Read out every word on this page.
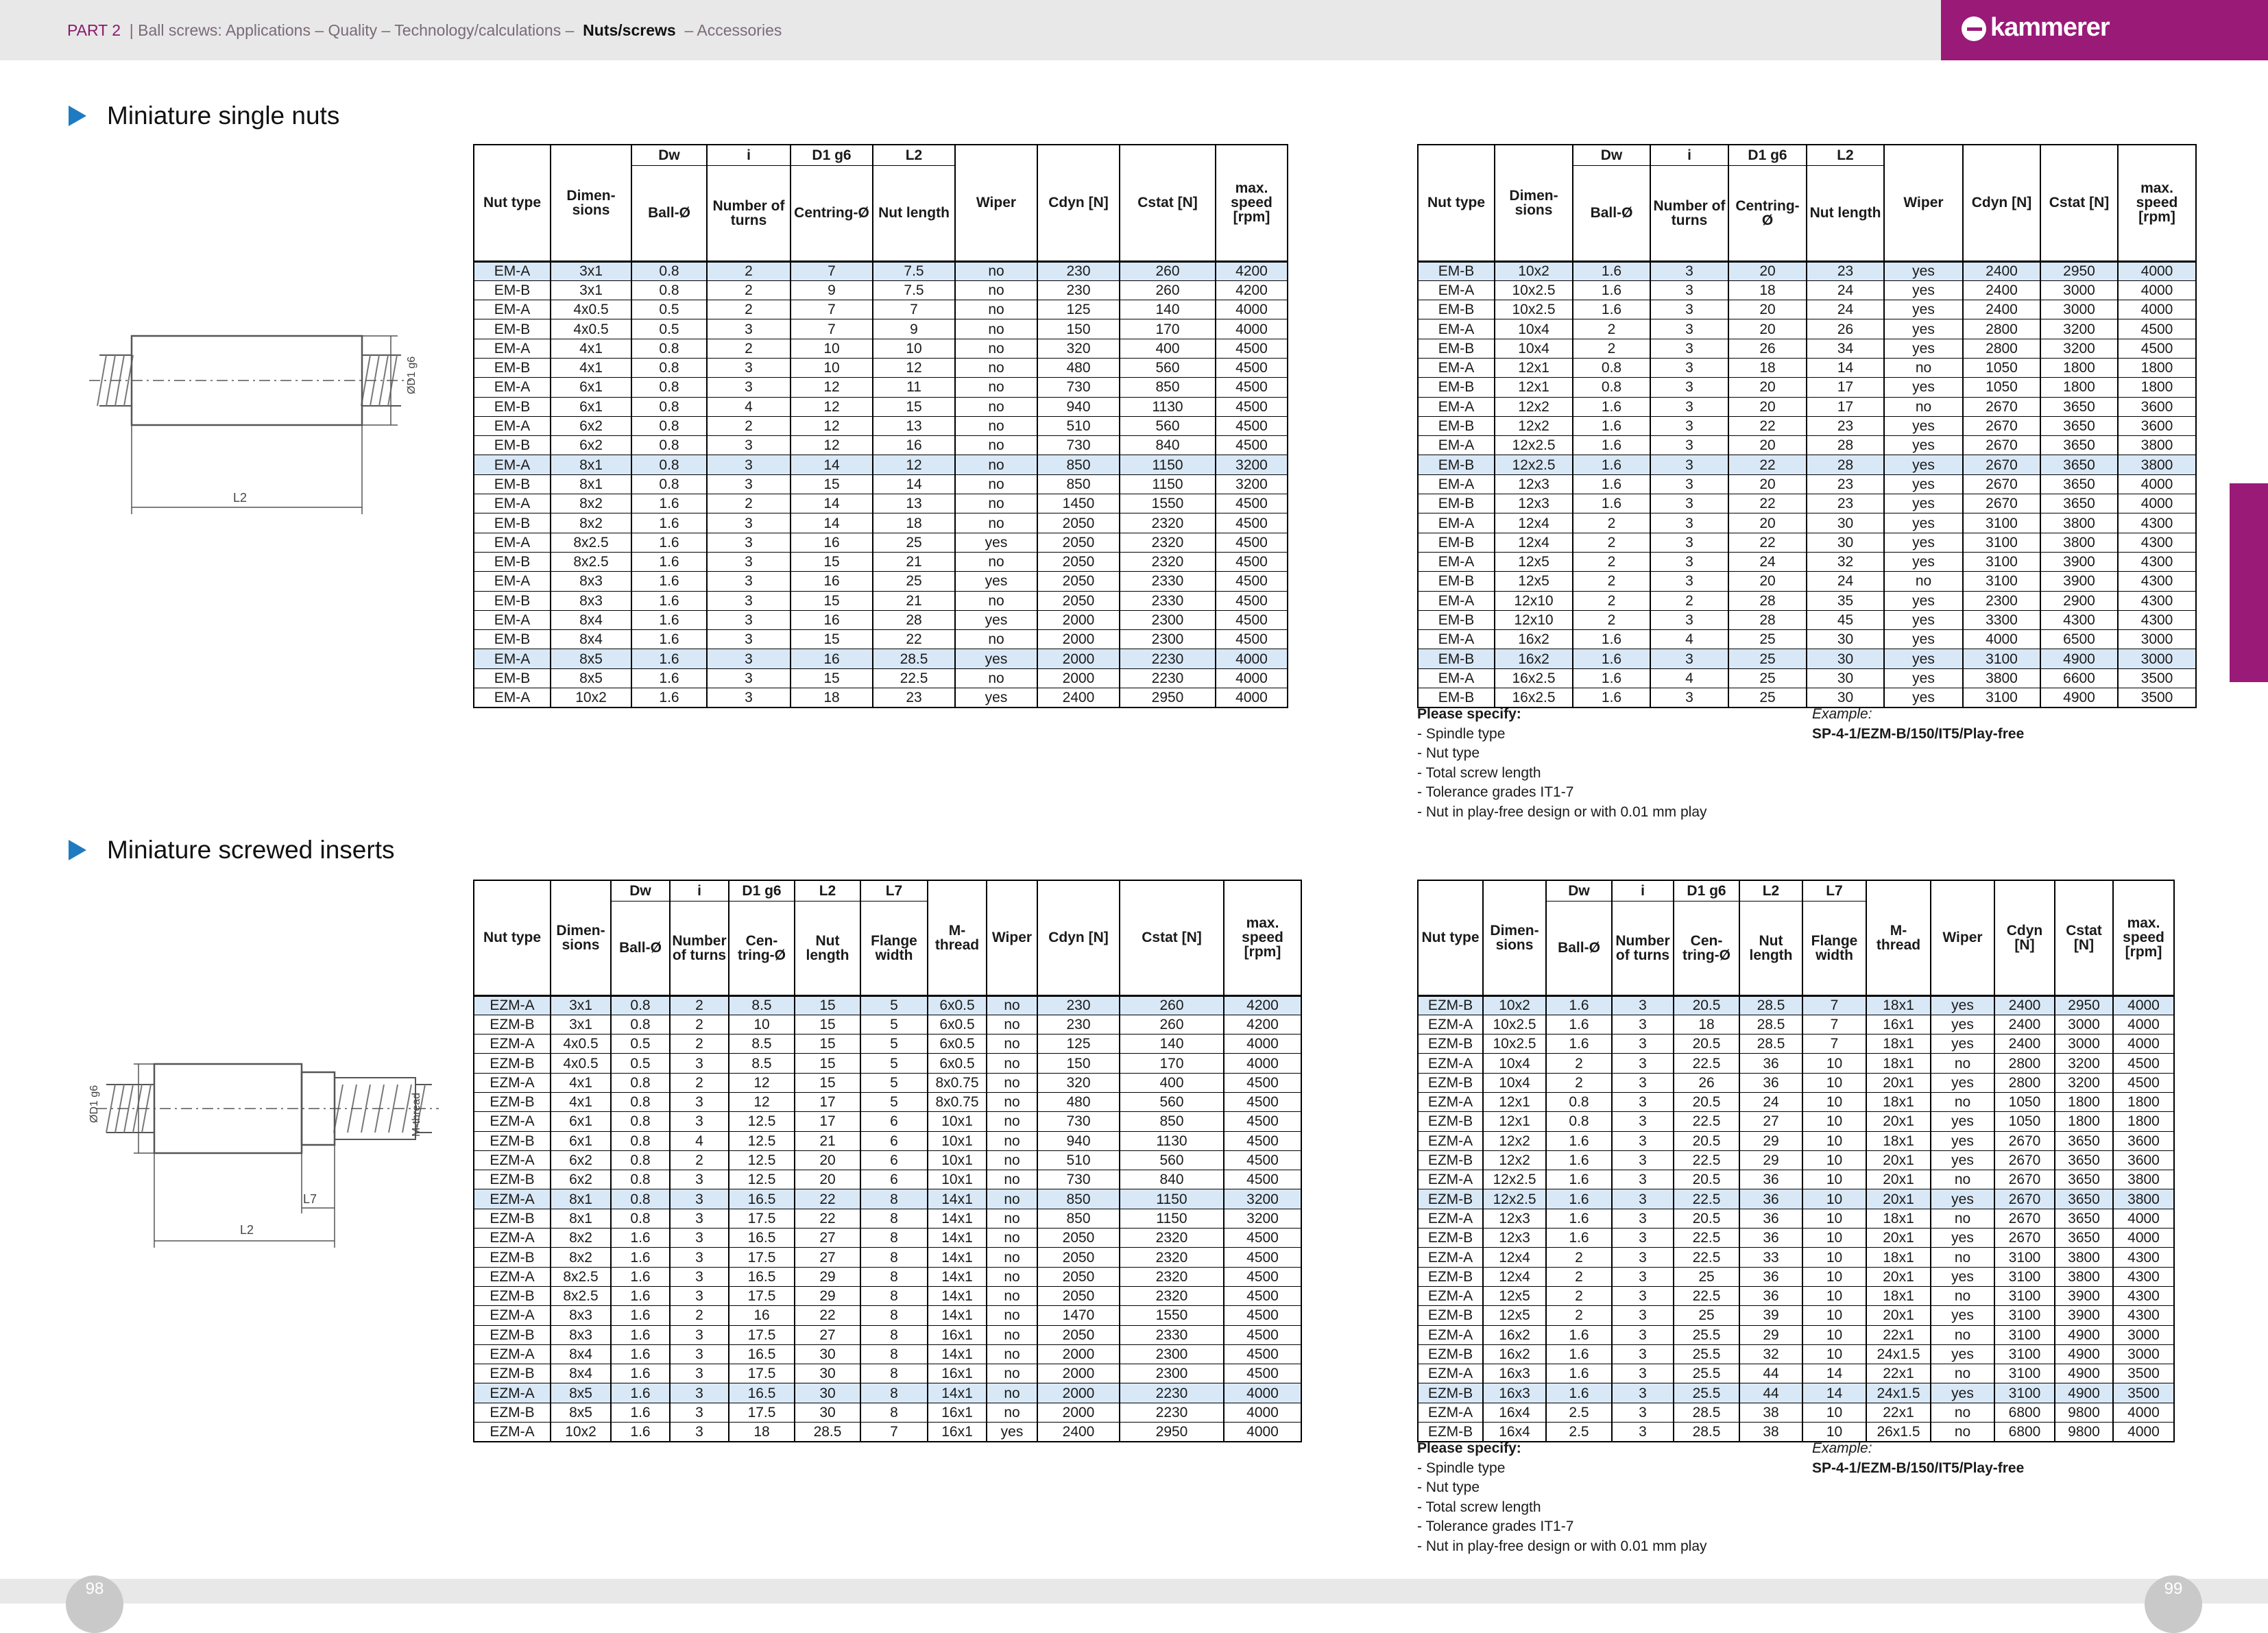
PART 2 | Ball screws: Applications – Quality – Technology/calculations – Nuts/screws – Accessories	kammerer
Miniature single nuts
L2
ØD1 g6
Nut type	Dimen-sions	Dw	i	D1 g6	L2	Wiper	Cdyn [N]	Cstat [N]	max. speed [rpm]
		Ball-Ø	Number of turns	Centring-Ø	Nut length				
EM-A	3x1	0.8	2	7	7.5	no	230	260	4200
EM-B	3x1	0.8	2	9	7.5	no	230	260	4200
EM-A	4x0.5	0.5	2	7	7	no	125	140	4000
EM-B	4x0.5	0.5	3	7	9	no	150	170	4000
EM-A	4x1	0.8	2	10	10	no	320	400	4500
EM-B	4x1	0.8	3	10	12	no	480	560	4500
EM-A	6x1	0.8	3	12	11	no	730	850	4500
EM-B	6x1	0.8	4	12	15	no	940	1130	4500
EM-A	6x2	0.8	2	12	13	no	510	560	4500
EM-B	6x2	0.8	3	12	16	no	730	840	4500
EM-A	8x1	0.8	3	14	12	no	850	1150	3200
EM-B	8x1	0.8	3	15	14	no	850	1150	3200
EM-A	8x2	1.6	2	14	13	no	1450	1550	4500
EM-B	8x2	1.6	3	14	18	no	2050	2320	4500
EM-A	8x2.5	1.6	3	16	25	yes	2050	2320	4500
EM-B	8x2.5	1.6	3	15	21	no	2050	2320	4500
EM-A	8x3	1.6	3	16	25	yes	2050	2330	4500
EM-B	8x3	1.6	3	15	21	no	2050	2330	4500
EM-A	8x4	1.6	3	16	28	yes	2000	2300	4500
EM-B	8x4	1.6	3	15	22	no	2000	2300	4500
EM-A	8x5	1.6	3	16	28.5	yes	2000	2230	4000
EM-B	8x5	1.6	3	15	22.5	no	2000	2230	4000
EM-A	10x2	1.6	3	18	23	yes	2400	2950	4000
Nut type	Dimen-sions	Dw	i	D1 g6	L2	Wiper	Cdyn [N]	Cstat [N]	max. speed [rpm]
		Ball-Ø	Number of turns	Centring-Ø	Nut length				
EM-B	10x2	1.6	3	20	23	yes	2400	2950	4000
EM-A	10x2.5	1.6	3	18	24	yes	2400	3000	4000
EM-B	10x2.5	1.6	3	20	24	yes	2400	3000	4000
EM-A	10x4	2	3	20	26	yes	2800	3200	4500
EM-B	10x4	2	3	26	34	yes	2800	3200	4500
EM-A	12x1	0.8	3	18	14	no	1050	1800	1800
EM-B	12x1	0.8	3	20	17	yes	1050	1800	1800
EM-A	12x2	1.6	3	20	17	no	2670	3650	3600
EM-B	12x2	1.6	3	22	23	yes	2670	3650	3600
EM-A	12x2.5	1.6	3	20	28	yes	2670	3650	3800
EM-B	12x2.5	1.6	3	22	28	yes	2670	3650	3800
EM-A	12x3	1.6	3	20	23	yes	2670	3650	4000
EM-B	12x3	1.6	3	22	23	yes	2670	3650	4000
EM-A	12x4	2	3	20	30	yes	3100	3800	4300
EM-B	12x4	2	3	22	30	yes	3100	3800	4300
EM-A	12x5	2	3	24	32	yes	3100	3900	4300
EM-B	12x5	2	3	20	24	no	3100	3900	4300
EM-A	12x10	2	2	28	35	yes	2300	2900	4300
EM-B	12x10	2	3	28	45	yes	3300	4300	4300
EM-A	16x2	1.6	4	25	30	yes	4000	6500	3000
EM-B	16x2	1.6	3	25	30	yes	3100	4900	3000
EM-A	16x2.5	1.6	4	25	30	yes	3800	6600	3500
EM-B	16x2.5	1.6	3	25	30	yes	3100	4900	3500
Please specify:
- Spindle type
- Nut type
- Total screw length
- Tolerance grades IT1-7
- Nut in play-free design or with 0.01 mm play
Example:
SP-4-1/EZM-B/150/IT5/Play-free
Miniature screwed inserts
L2
L7
ØD1 g6	M-thread
Nut type	Dimen-sions	Dw	i	D1 g6	L2	L7	M-thread	Wiper	Cdyn [N]	Cstat [N]	max. speed [rpm]
		Ball-Ø	Number of turns	Cen-tring-Ø	Nut length	Flange width					
EZM-A	3x1	0.8	2	8.5	15	5	6x0.5	no	230	260	4200
EZM-B	3x1	0.8	2	10	15	5	6x0.5	no	230	260	4200
EZM-A	4x0.5	0.5	2	8.5	15	5	6x0.5	no	125	140	4000
EZM-B	4x0.5	0.5	3	8.5	15	5	6x0.5	no	150	170	4000
EZM-A	4x1	0.8	2	12	15	5	8x0.75	no	320	400	4500
EZM-B	4x1	0.8	3	12	17	5	8x0.75	no	480	560	4500
EZM-A	6x1	0.8	3	12.5	17	6	10x1	no	730	850	4500
EZM-B	6x1	0.8	4	12.5	21	6	10x1	no	940	1130	4500
EZM-A	6x2	0.8	2	12.5	20	6	10x1	no	510	560	4500
EZM-B	6x2	0.8	3	12.5	20	6	10x1	no	730	840	4500
EZM-A	8x1	0.8	3	16.5	22	8	14x1	no	850	1150	3200
EZM-B	8x1	0.8	3	17.5	22	8	14x1	no	850	1150	3200
EZM-A	8x2	1.6	3	16.5	27	8	14x1	no	2050	2320	4500
EZM-B	8x2	1.6	3	17.5	27	8	14x1	no	2050	2320	4500
EZM-A	8x2.5	1.6	3	16.5	29	8	14x1	no	2050	2320	4500
EZM-B	8x2.5	1.6	3	17.5	29	8	14x1	no	2050	2320	4500
EZM-A	8x3	1.6	2	16	22	8	14x1	no	1470	1550	4500
EZM-B	8x3	1.6	3	17.5	27	8	16x1	no	2050	2330	4500
EZM-A	8x4	1.6	3	16.5	30	8	14x1	no	2000	2300	4500
EZM-B	8x4	1.6	3	17.5	30	8	16x1	no	2000	2300	4500
EZM-A	8x5	1.6	3	16.5	30	8	14x1	no	2000	2230	4000
EZM-B	8x5	1.6	3	17.5	30	8	16x1	no	2000	2230	4000
EZM-A	10x2	1.6	3	18	28.5	7	16x1	yes	2400	2950	4000
Nut type	Dimen-sions	Dw	i	D1 g6	L2	L7	M-thread	Wiper	Cdyn [N]	Cstat [N]	max. speed [rpm]
		Ball-Ø	Number of turns	Cen-tring-Ø	Nut length	Flange width					
EZM-B	10x2	1.6	3	20.5	28.5	7	18x1	yes	2400	2950	4000
EZM-A	10x2.5	1.6	3	18	28.5	7	16x1	yes	2400	3000	4000
EZM-B	10x2.5	1.6	3	20.5	28.5	7	18x1	yes	2400	3000	4000
EZM-A	10x4	2	3	22.5	36	10	18x1	no	2800	3200	4500
EZM-B	10x4	2	3	26	36	10	20x1	yes	2800	3200	4500
EZM-A	12x1	0.8	3	20.5	24	10	18x1	no	1050	1800	1800
EZM-B	12x1	0.8	3	22.5	27	10	20x1	yes	1050	1800	1800
EZM-A	12x2	1.6	3	20.5	29	10	18x1	yes	2670	3650	3600
EZM-B	12x2	1.6	3	22.5	29	10	20x1	yes	2670	3650	3600
EZM-A	12x2.5	1.6	3	20.5	36	10	20x1	no	2670	3650	3800
EZM-B	12x2.5	1.6	3	22.5	36	10	20x1	yes	2670	3650	3800
EZM-A	12x3	1.6	3	20.5	36	10	18x1	no	2670	3650	4000
EZM-B	12x3	1.6	3	22.5	36	10	20x1	yes	2670	3650	4000
EZM-A	12x4	2	3	22.5	33	10	18x1	no	3100	3800	4300
EZM-B	12x4	2	3	25	36	10	20x1	yes	3100	3800	4300
EZM-A	12x5	2	3	22.5	36	10	18x1	no	3100	3900	4300
EZM-B	12x5	2	3	25	39	10	20x1	yes	3100	3900	4300
EZM-A	16x2	1.6	3	25.5	29	10	22x1	no	3100	4900	3000
EZM-B	16x2	1.6	3	25.5	32	10	24x1.5	yes	3100	4900	3000
EZM-A	16x3	1.6	3	25.5	44	14	22x1	no	3100	4900	3500
EZM-B	16x3	1.6	3	25.5	44	14	24x1.5	yes	3100	4900	3500
EZM-A	16x4	2.5	3	28.5	38	10	22x1	no	6800	9800	4000
EZM-B	16x4	2.5	3	28.5	38	10	26x1.5	no	6800	9800	4000
Please specify:
- Spindle type
- Nut type
- Total screw length
- Tolerance grades IT1-7
- Nut in play-free design or with 0.01 mm play
Example:
SP-4-1/EZM-B/150/IT5/Play-free
98	99
